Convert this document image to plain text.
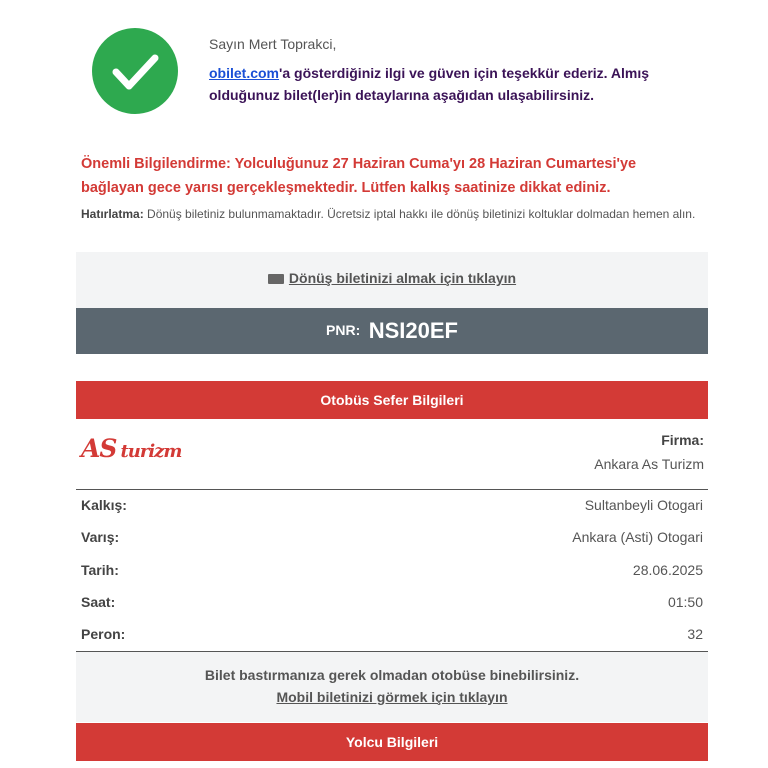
Sayın Mert Toprakci,
obilet.com'a gösterdiğiniz ilgi ve güven için teşekkür ederiz. Almış olduğunuz bilet(ler)in detaylarına aşağıdan ulaşabilirsiniz.
Önemli Bilgilendirme: Yolculuğunuz 27 Haziran Cuma'yı 28 Haziran Cumartesi'ye bağlayan gece yarısı gerçekleşmektedir. Lütfen kalkış saatinize dikkat ediniz.
Hatırlatma: Dönüş biletiniz bulunmamaktadır. Ücretsiz iptal hakkı ile dönüş biletinizi koltuklar dolmadan hemen alın.
Dönüş biletinizi almak için tıklayın
PNR: NSI20EF
Otobüs Sefer Bilgileri
AS turizm
Firma:
Ankara As Turizm
Kalkış:	Sultanbeyli Otogari
Varış:	Ankara (Asti) Otogari
Tarih:	28.06.2025
Saat:	01:50
Peron:	32
Bilet bastırmanıza gerek olmadan otobüse binebilirsiniz.
Mobil biletinizi görmek için tıklayın
Yolcu Bilgileri
